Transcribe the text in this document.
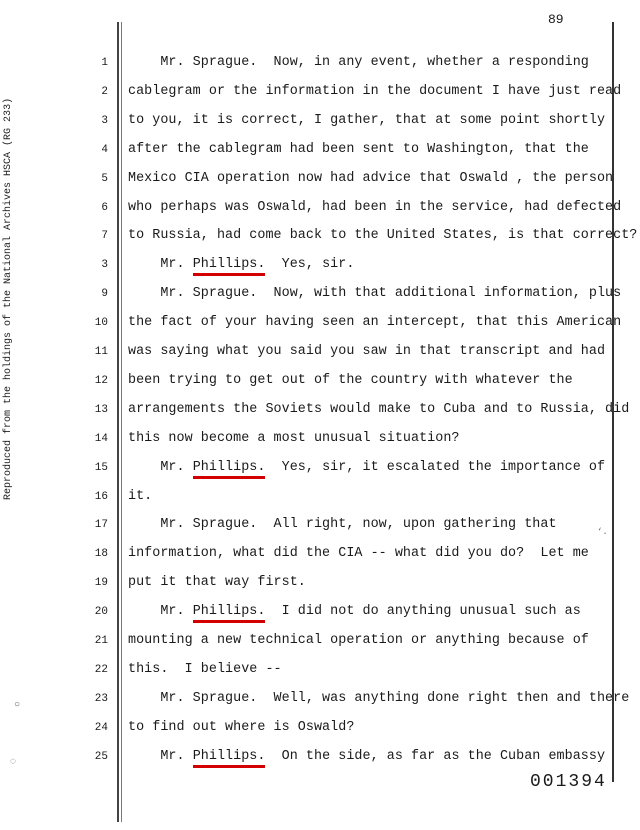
89
Reproduced from the holdings of the National Archives HSCA (RG 233)
1 Mr. Sprague.  Now, in any event, whether a responding
2 cablegram or the information in the document I have just read
3 to you, it is correct, I gather, that at some point shortly
4 after the cablegram had been sent to Washington, that the
5 Mexico CIA operation now had advice that Oswald , the person
6 who perhaps was Oswald, had been in the service, had defected
7 to Russia, had come back to the United States, is that correct?
3 Mr. Phillips.  Yes, sir.
9 Mr. Sprague.  Now, with that additional information, plus
10 the fact of your having seen an intercept, that this American
11 was saying what you said you saw in that transcript and had
12 been trying to get out of the country with whatever the
13 arrangements the Soviets would make to Cuba and to Russia, did
14 this now become a most unusual situation?
15 Mr. Phillips.  Yes, sir, it escalated the importance of
16 it.
17 Mr. Sprague.  All right, now, upon gathering that
18 information, what did the CIA -- what did you do?  Let me
19 put it that way first.
20 Mr. Phillips.  I did not do anything unusual such as
21 mounting a new technical operation or anything because of
22 this.  I believe --
23 Mr. Sprague.  Well, was anything done right then and there
24 to find out where is Oswald?
25 Mr. Phillips.  On the side, as far as the Cuban embassy
‘.
○
◌
001394
